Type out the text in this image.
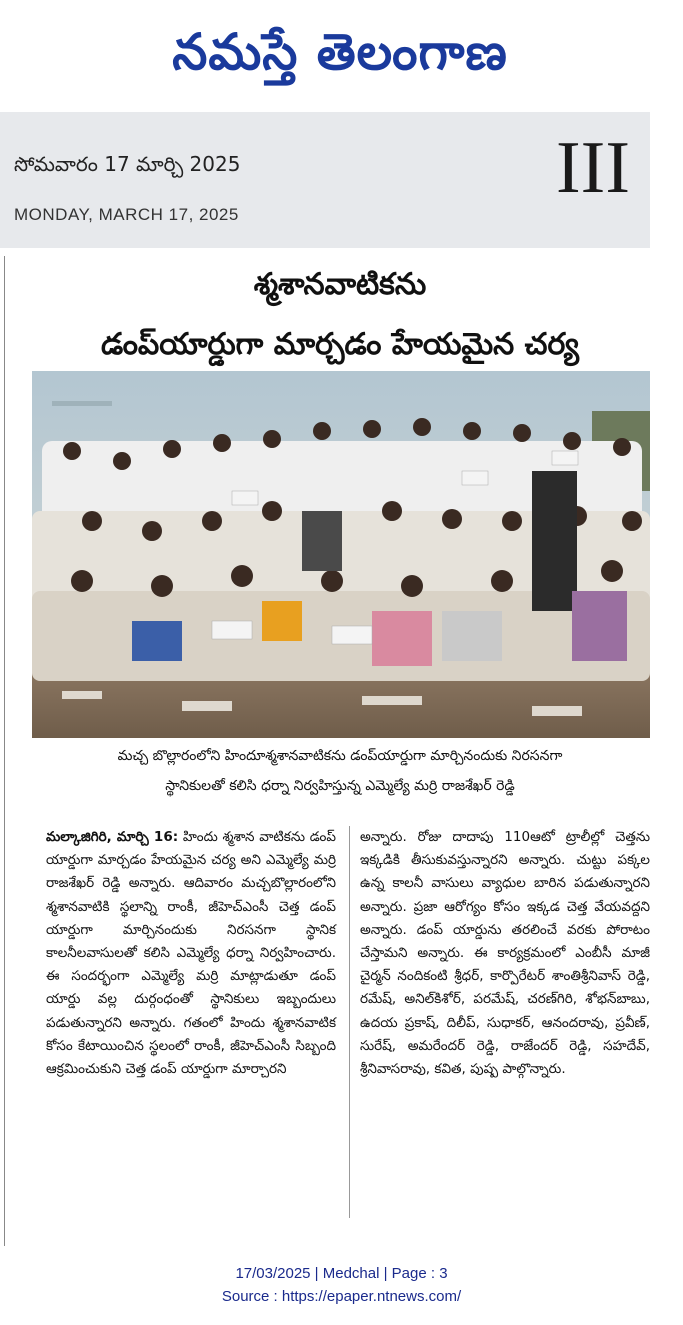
నమస్తే తెలంగాణ
సోమవారం 17 మార్చి 2025
MONDAY, MARCH 17, 2025
III
శ్మశానవాటికను
డంప్‌యార్డుగా మార్చడం హేయమైన చర్య
మచ్చ బొల్లారంలోని హిందూశ్మశానవాటికను డంప్‌యార్డుగా మార్చినందుకు నిరసనగా
స్థానికులతో కలిసి ధర్నా నిర్వహిస్తున్న ఎమ్మెల్యే మర్రి రాజశేఖర్ రెడ్డి
మల్కాజిగిరి, మార్చి 16: హిందు శ్మశాన వాటికను డంప్ యార్డుగా మార్చడం హేయమైన చర్య అని ఎమ్మెల్యే మర్రి రాజశేఖర్ రెడ్డి అన్నారు. ఆదివారం మచ్చబొల్లారంలోని శ్మశానవాటికి స్థలాన్ని రాంకీ, జీహెచ్‌ఎంసీ చెత్త డంప్ యార్డుగా మార్చినందుకు నిరసనగా స్థానిక కాలనీలవాసులతో కలిసి ఎమ్మెల్యే ధర్నా నిర్వహించారు. ఈ సందర్భంగా ఎమ్మెల్యే మర్రి మాట్లాడుతూ డంప్ యార్డు వల్ల దుర్గంధంతో స్థానికులు ఇబ్బందులు పడుతున్నారని అన్నారు. గతంలో హిందు శ్మశానవాటిక కోసం కేటాయించిన స్థలంలో రాంకీ, జీహెచ్‌ఎంసీ సిబ్బంది ఆక్రమించుకుని చెత్త డంప్ యార్డుగా మార్చారని
అన్నారు. రోజు దాదాపు 110ఆటో ట్రాలీల్లో చెత్తను ఇక్కడికి తీసుకువస్తున్నారని అన్నారు. చుట్టు పక్కల ఉన్న కాలనీ వాసులు వ్యాధుల బారిన పడుతున్నారని అన్నారు. ప్రజా ఆరోగ్యం కోసం ఇక్కడ చెత్త వేయవద్దని అన్నారు. డంప్ యార్డును తరలించే వరకు పోరాటం చేస్తామని అన్నారు. ఈ కార్యక్రమంలో ఎంబీసీ మాజీ చైర్మన్ నందికంటి శ్రీధర్, కార్పొరేటర్ శాంతిశ్రీనివాస్ రెడ్డి, రమేష్, అనిల్‌కిశోర్, పరమేష్, చరణ్‌గిరి, శోభన్‌బాబు, ఉదయ ప్రకాష్, దిలీప్, సుధాకర్, ఆనందరావు, ప్రవీణ్, సురేష్, అమరేందర్ రెడ్డి, రాజేందర్ రెడ్డి, సహదేవ్, శ్రీనివాసరావు, కవిత, పుష్ప పాల్గొన్నారు.
17/03/2025 | Medchal | Page : 3
Source : https://epaper.ntnews.com/
